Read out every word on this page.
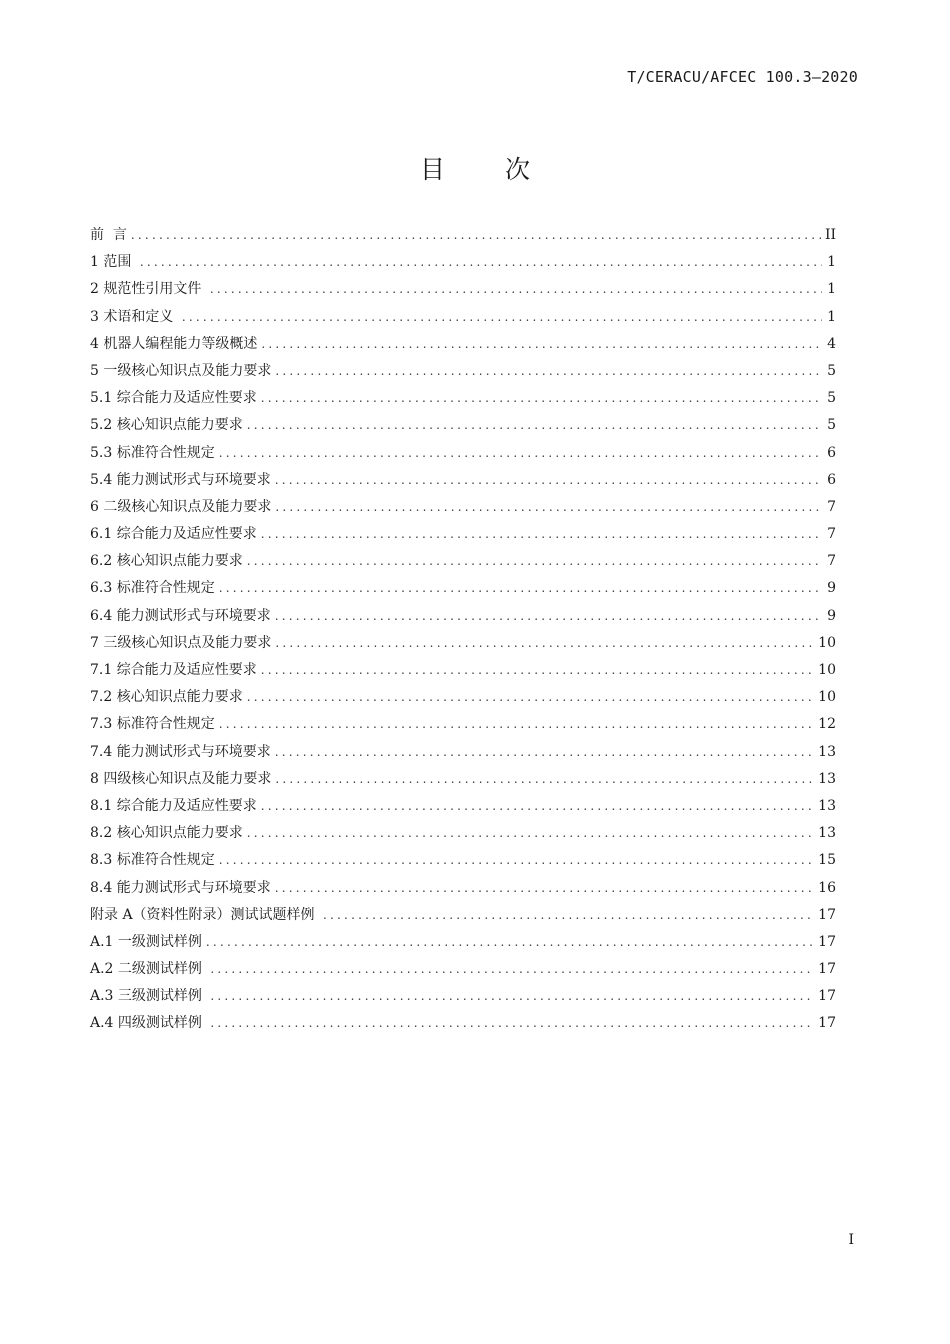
T/CERACU/AFCEC 100.3—2020
目 次
前  言 .....	II
1 范围 .....	1
2 规范性引用文件 .....	1
3 术语和定义 .....	1
4 机器人编程能力等级概述 .....	4
5 一级核心知识点及能力要求 .....	5
5.1 综合能力及适应性要求 .....	5
5.2 核心知识点能力要求 .....	5
5.3 标准符合性规定 .....	6
5.4 能力测试形式与环境要求 .....	6
6 二级核心知识点及能力要求 .....	7
6.1 综合能力及适应性要求 .....	7
6.2 核心知识点能力要求 .....	7
6.3 标准符合性规定 .....	9
6.4 能力测试形式与环境要求 .....	9
7 三级核心知识点及能力要求 .....	10
7.1 综合能力及适应性要求 .....	10
7.2 核心知识点能力要求 .....	10
7.3 标准符合性规定 .....	12
7.4 能力测试形式与环境要求 .....	13
8 四级核心知识点及能力要求 .....	13
8.1 综合能力及适应性要求 .....	13
8.2 核心知识点能力要求 .....	13
8.3 标准符合性规定 .....	15
8.4 能力测试形式与环境要求 .....	16
附录 A（资料性附录）测试试题样例 .....	17
A.1 一级测试样例 .....	17
A.2 二级测试样例 .....	17
A.3 三级测试样例 .....	17
A.4 四级测试样例 .....	17
I
